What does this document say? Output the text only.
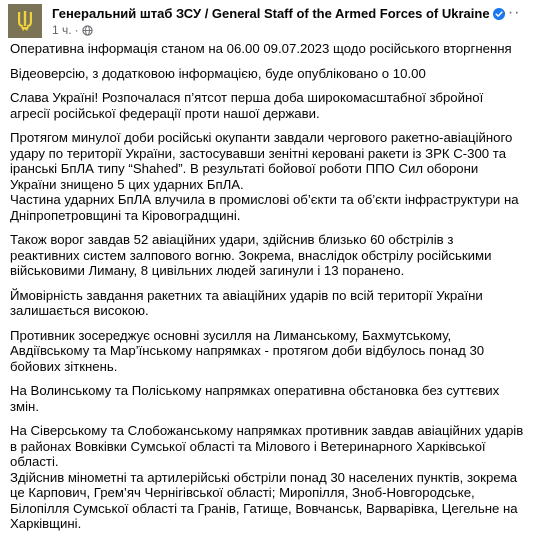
Генеральний штаб ЗСУ / General Staff of the Armed Forces of Ukraine
1 ч. ·
···

Оперативна інформація станом на 06.00 09.07.2023 щодо російського вторгнення

Відеоверсію, з додатковою інформацією, буде опубліковано о 10.00

Слава Україні! Розпочалася п’ятсот перша доба широкомасштабної збройної агресії російської федерації проти нашої держави.

Протягом минулої доби російські окупанти завдали чергового ракетно-авіаційного удару по території України, застосувавши зенітні керовані ракети із ЗРК С-300 та іранські БпЛА типу “Shahed”. В результаті бойової роботи ППО Сил оборони України знищено 5 цих ударних БпЛА.
Частина ударних БпЛА влучила в промислові об’єкти та об’єкти інфраструктури на Дніпропетровщині та Кіровоградщині.

Також ворог завдав 52 авіаційних удари, здійснив близько 60 обстрілів з реактивних систем залпового вогню. Зокрема, внаслідок обстрілу російськими військовими Лиману, 8 цивільних людей загинули і 13 поранено.

Ймовірність завдання ракетних та авіаційних ударів по всій території України залишається високою.

Противник зосереджує основні зусилля на Лиманському, Бахмутському, Авдіївському та Мар’їнському напрямках - протягом доби відбулось понад 30 бойових зіткнень.

На Волинському та Поліському напрямках оперативна обстановка без суттєвих змін.

На Сіверському та Слобожанському напрямках противник завдав авіаційних ударів в районах Вовківки Сумської області та Мілового і Ветеринарного Харківської області.
Здійснив мінометні та артилерійські обстріли понад 30 населених пунктів, зокрема це Карпович, Грем’яч Чернігівської області; Миропілля, Зноб-Новгородське, Білопілля Сумської області та Гранів, Гатище, Вовчанськ, Варварівка, Цегельне на Харківщині.
